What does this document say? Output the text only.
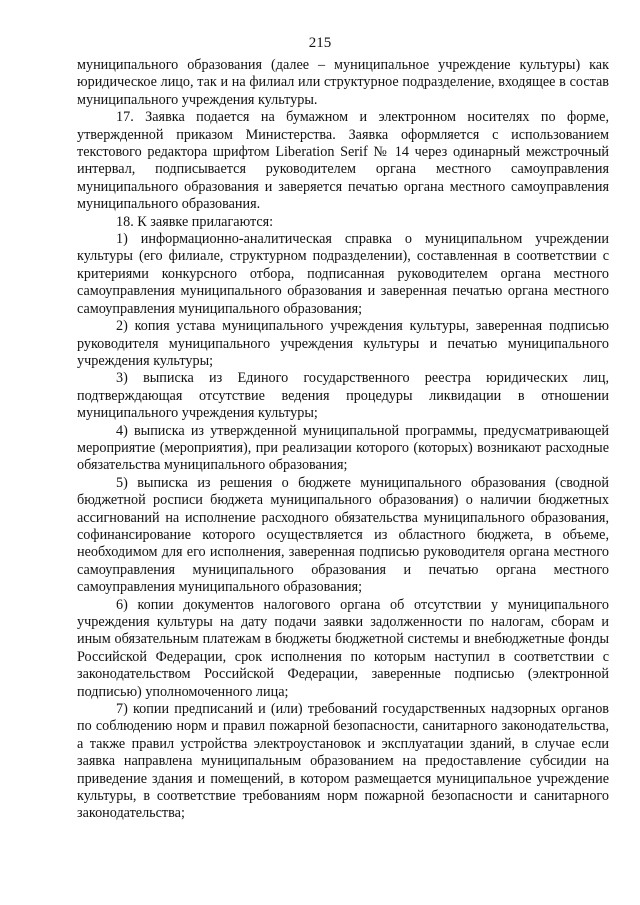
215

муниципального образования (далее – муниципальное учреждение культуры) как юридическое лицо, так и на филиал или структурное подразделение, входящее в состав муниципального учреждения культуры.

17. Заявка подается на бумажном и электронном носителях по форме, утвержденной приказом Министерства. Заявка оформляется с использованием текстового редактора шрифтом Liberation Serif № 14 через одинарный межстрочный интервал, подписывается руководителем органа местного самоуправления муниципального образования и заверяется печатью органа местного самоуправления муниципального образования.

18. К заявке прилагаются:

1) информационно-аналитическая справка о муниципальном учреждении культуры (его филиале, структурном подразделении), составленная в соответствии с критериями конкурсного отбора, подписанная руководителем органа местного самоуправления муниципального образования и заверенная печатью органа местного самоуправления муниципального образования;

2) копия устава муниципального учреждения культуры, заверенная подписью руководителя муниципального учреждения культуры и печатью муниципального учреждения культуры;

3) выписка из Единого государственного реестра юридических лиц, подтверждающая отсутствие ведения процедуры ликвидации в отношении муниципального учреждения культуры;

4) выписка из утвержденной муниципальной программы, предусматривающей мероприятие (мероприятия), при реализации которого (которых) возникают расходные обязательства муниципального образования;

5) выписка из решения о бюджете муниципального образования (сводной бюджетной росписи бюджета муниципального образования) о наличии бюджетных ассигнований на исполнение расходного обязательства муниципального образования, софинансирование которого осуществляется из областного бюджета, в объеме, необходимом для его исполнения, заверенная подписью руководителя органа местного самоуправления муниципального образования и печатью органа местного самоуправления муниципального образования;

6) копии документов налогового органа об отсутствии у муниципального учреждения культуры на дату подачи заявки задолженности по налогам, сборам и иным обязательным платежам в бюджеты бюджетной системы и внебюджетные фонды Российской Федерации, срок исполнения по которым наступил в соответствии с законодательством Российской Федерации, заверенные подписью (электронной подписью) уполномоченного лица;

7) копии предписаний и (или) требований государственных надзорных органов по соблюдению норм и правил пожарной безопасности, санитарного законодательства, а также правил устройства электроустановок и эксплуатации зданий, в случае если заявка направлена муниципальным образованием на предоставление субсидии на приведение здания и помещений, в котором размещается муниципальное учреждение культуры, в соответствие требованиям норм пожарной безопасности и санитарного законодательства;
